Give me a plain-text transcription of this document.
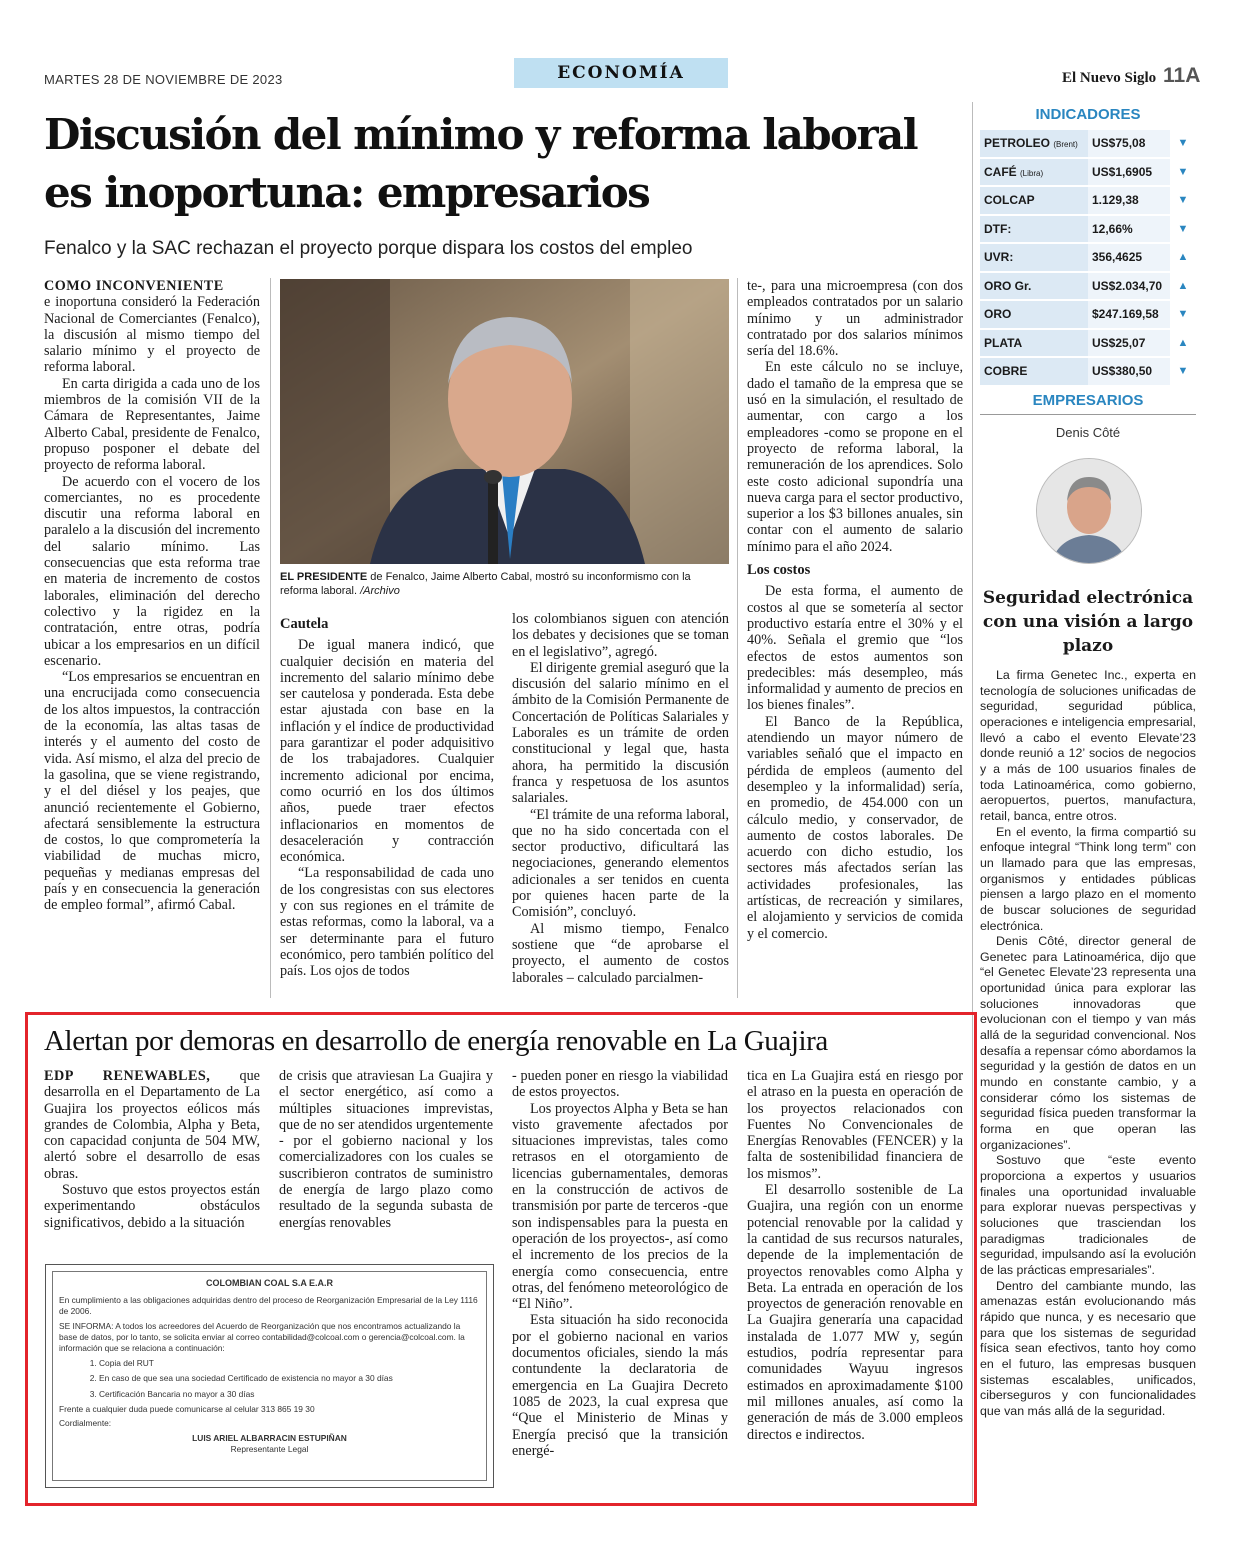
MARTES 28 DE NOVIEMBRE DE 2023	ECONOMÍA	El Nuevo Siglo 11A
Discusión del mínimo y reforma laboral es inoportuna: empresarios
Fenalco y la SAC rechazan el proyecto porque dispara los costos del empleo

COMO INCONVENIENTE
e inoportuna consideró la Federación Nacional de Comerciantes (Fenalco), la discusión al mismo tiempo del salario mínimo y el proyecto de reforma laboral.

En carta dirigida a cada uno de los miembros de la comisión VII de la Cámara de Representantes, Jaime Alberto Cabal, presidente de Fenalco, propuso posponer el debate del proyecto de reforma laboral.

De acuerdo con el vocero de los comerciantes, no es procedente discutir una reforma laboral en paralelo a la discusión del incremento del salario mínimo. Las consecuencias que esta reforma trae en materia de incremento de costos laborales, eliminación del derecho colectivo y la rigidez en la contratación, entre otras, podría ubicar a los empresarios en un difícil escenario.

“Los empresarios se encuentran en una encrucijada como consecuencia de los altos impuestos, la contracción de la economía, las altas tasas de interés y el aumento del costo de vida. Así mismo, el alza del precio de la gasolina, que se viene registrando, y el del diésel y los peajes, que anunció recientemente el Gobierno, afectará sensiblemente la estructura de costos, lo que comprometería la viabilidad de muchas micro, pequeñas y medianas empresas del país y en consecuencia la generación de empleo formal”, afirmó Cabal.

EL PRESIDENTE de Fenalco, Jaime Alberto Cabal, mostró su inconformismo con la reforma laboral. /Archivo
Cautela

De igual manera indicó, que cualquier decisión en materia del incremento del salario mínimo debe ser cautelosa y ponderada. Esta debe estar ajustada con base en la inflación y el índice de productividad para garantizar el poder adquisitivo de los trabajadores. Cualquier incremento adicional por encima, como ocurrió en los dos últimos años, puede traer efectos inflacionarios en momentos de desaceleración y contracción económica.

“La responsabilidad de cada uno de los congresistas con sus electores y con sus regiones en el trámite de estas reformas, como la laboral, va a ser determinante para el futuro económico, pero también político del país. Los ojos de todos

los colombianos siguen con atención los debates y decisiones que se toman en el legislativo”, agregó.

El dirigente gremial aseguró que la discusión del salario mínimo en el ámbito de la Comisión Permanente de Concertación de Políticas Salariales y Laborales es un trámite de orden constitucional y legal que, hasta ahora, ha permitido la discusión franca y respetuosa de los asuntos salariales.

“El trámite de una reforma laboral, que no ha sido concertada con el sector productivo, dificultará las negociaciones, generando elementos adicionales a ser tenidos en cuenta por quienes hacen parte de la Comisión”, concluyó.

Al mismo tiempo, Fenalco sostiene que “de aprobarse el proyecto, el aumento de costos laborales – calculado parcialmen-

te-, para una microempresa (con dos empleados contratados por un salario mínimo y un administrador contratado por dos salarios mínimos sería del 18.6%.

En este cálculo no se incluye, dado el tamaño de la empresa que se usó en la simulación, el resultado de aumentar, con cargo a los empleadores -como se propone en el proyecto de reforma laboral, la remuneración de los aprendices. Solo este costo adicional supondría una nueva carga para el sector productivo, superior a los $3 billones anuales, sin contar con el aumento de salario mínimo para el año 2024.

Los costos

De esta forma, el aumento de costos al que se sometería al sector productivo estaría entre el 30% y el 40%. Señala el gremio que “los efectos de estos aumentos son predecibles: más desempleo, más informalidad y aumento de precios en los bienes finales”.

El Banco de la República, atendiendo un mayor número de variables señaló que el impacto en pérdida de empleos (aumento del desempleo y la informalidad) sería, en promedio, de 454.000 con un cálculo medio, y conservador, de aumento de costos laborales. De acuerdo con dicho estudio, los sectores más afectados serían las actividades profesionales, las artísticas, de recreación y similares, el alojamiento y servicios de comida y el comercio.

INDICADORES
PETROLEO (Brent)	US$75,08	▼
CAFÉ (Libra)	US$1,6905	▼
COLCAP	1.129,38	▼
DTF:	12,66%	▼
UVR:	356,4625	▲
ORO Gr.	US$2.034,70	▲
ORO	$247.169,58	▼
PLATA	US$25,07	▲
COBRE	US$380,50	▼
EMPRESARIOS
Denis Côté
Seguridad electrónica con una visión a largo plazo

La firma Genetec Inc., experta en tecnología de soluciones unificadas de seguridad, seguridad pública, operaciones e inteligencia empresarial, llevó a cabo el evento Elevate’23 donde reunió a 12’ socios de negocios y a más de 100 usuarios finales de toda Latinoamérica, como gobierno, aeropuertos, puertos, manufactura, retail, banca, entre otros.

En el evento, la firma compartió su enfoque integral “Think long term” con un llamado para que las empresas, organismos y entidades públicas piensen a largo plazo en el momento de buscar soluciones de seguridad electrónica.

Denis Côté, director general de Genetec para Latinoamérica, dijo que “el Genetec Elevate’23 representa una oportunidad única para explorar las soluciones innovadoras que evolucionan con el tiempo y van más allá de la seguridad convencional. Nos desafía a repensar cómo abordamos la seguridad y la gestión de datos en un mundo en constante cambio, y a considerar cómo los sistemas de seguridad física pueden transformar la forma en que operan las organizaciones”.

Sostuvo que “este evento proporciona a expertos y usuarios finales una oportunidad invaluable para explorar nuevas perspectivas y soluciones que trasciendan los paradigmas tradicionales de seguridad, impulsando así la evolución de las prácticas empresariales”.

Dentro del cambiante mundo, las amenazas están evolucionando más rápido que nunca, y es necesario que para que los sistemas de seguridad física sean efectivos, tanto hoy como en el futuro, las empresas busquen sistemas escalables, unificados, ciberseguros y con funcionalidades que van más allá de la seguridad.

Alertan por demoras en desarrollo de energía renovable en La Guajira

EDP RENEWABLES, que desarrolla en el Departamento de La Guajira los proyectos eólicos más grandes de Colombia, Alpha y Beta, con capacidad conjunta de 504 MW, alertó sobre el desarrollo de esas obras.

Sostuvo que estos proyectos están experimentando obstáculos significativos, debido a la situación

de crisis que atraviesan La Guajira y el sector energético, así como a múltiples situaciones imprevistas, que de no ser atendidos urgentemente - por el gobierno nacional y los comercializadores con los cuales se suscribieron contratos de suministro de energía de largo plazo como resultado de la segunda subasta de energías renovables

- pueden poner en riesgo la viabilidad de estos proyectos.

Los proyectos Alpha y Beta se han visto gravemente afectados por situaciones imprevistas, tales como retrasos en el otorgamiento de licencias gubernamentales, demoras en la construcción de activos de transmisión por parte de terceros -que son indispensables para la puesta en operación de los proyectos-, así como el incremento de los precios de la energía como consecuencia, entre otras, del fenómeno meteorológico de “El Niño”.

Esta situación ha sido reconocida por el gobierno nacional en varios documentos oficiales, siendo la más contundente la declaratoria de emergencia en La Guajira Decreto 1085 de 2023, la cual expresa que “Que el Ministerio de Minas y Energía precisó que la transición energé-

tica en La Guajira está en riesgo por el atraso en la puesta en operación de los proyectos relacionados con Fuentes No Convencionales de Energías Renovables (FENCER) y la falta de sostenibilidad financiera de los mismos”.

El desarrollo sostenible de La Guajira, una región con un enorme potencial renovable por la calidad y la cantidad de sus recursos naturales, depende de la implementación de proyectos renovables como Alpha y Beta. La entrada en operación de los proyectos de generación renovable en La Guajira generaría una capacidad instalada de 1.077 MW y, según estudios, podría representar para comunidades Wayuu ingresos estimados en aproximadamente $100 mil millones anuales, así como la generación de más de 3.000 empleos directos e indirectos.

COLOMBIAN COAL S.A E.A.R

En cumplimiento a las obligaciones adquiridas dentro del proceso de Reorganización Empresarial de la Ley 1116 de 2006.

SE INFORMA: A todos los acreedores del Acuerdo de Reorganización que nos encontramos actualizando la base de datos, por lo tanto, se solicita enviar al correo contabilidad@colcoal.com o gerencia@colcoal.com. la información que se relaciona a continuación:

1. Copia del RUT
2. En caso de que sea una sociedad Certificado de existencia no mayor a 30 días
3. Certificación Bancaria no mayor a 30 días

Frente a cualquier duda puede comunicarse al celular 313 865 19 30

Cordialmente:

LUIS ARIEL ALBARRACIN ESTUPIÑAN
Representante Legal
